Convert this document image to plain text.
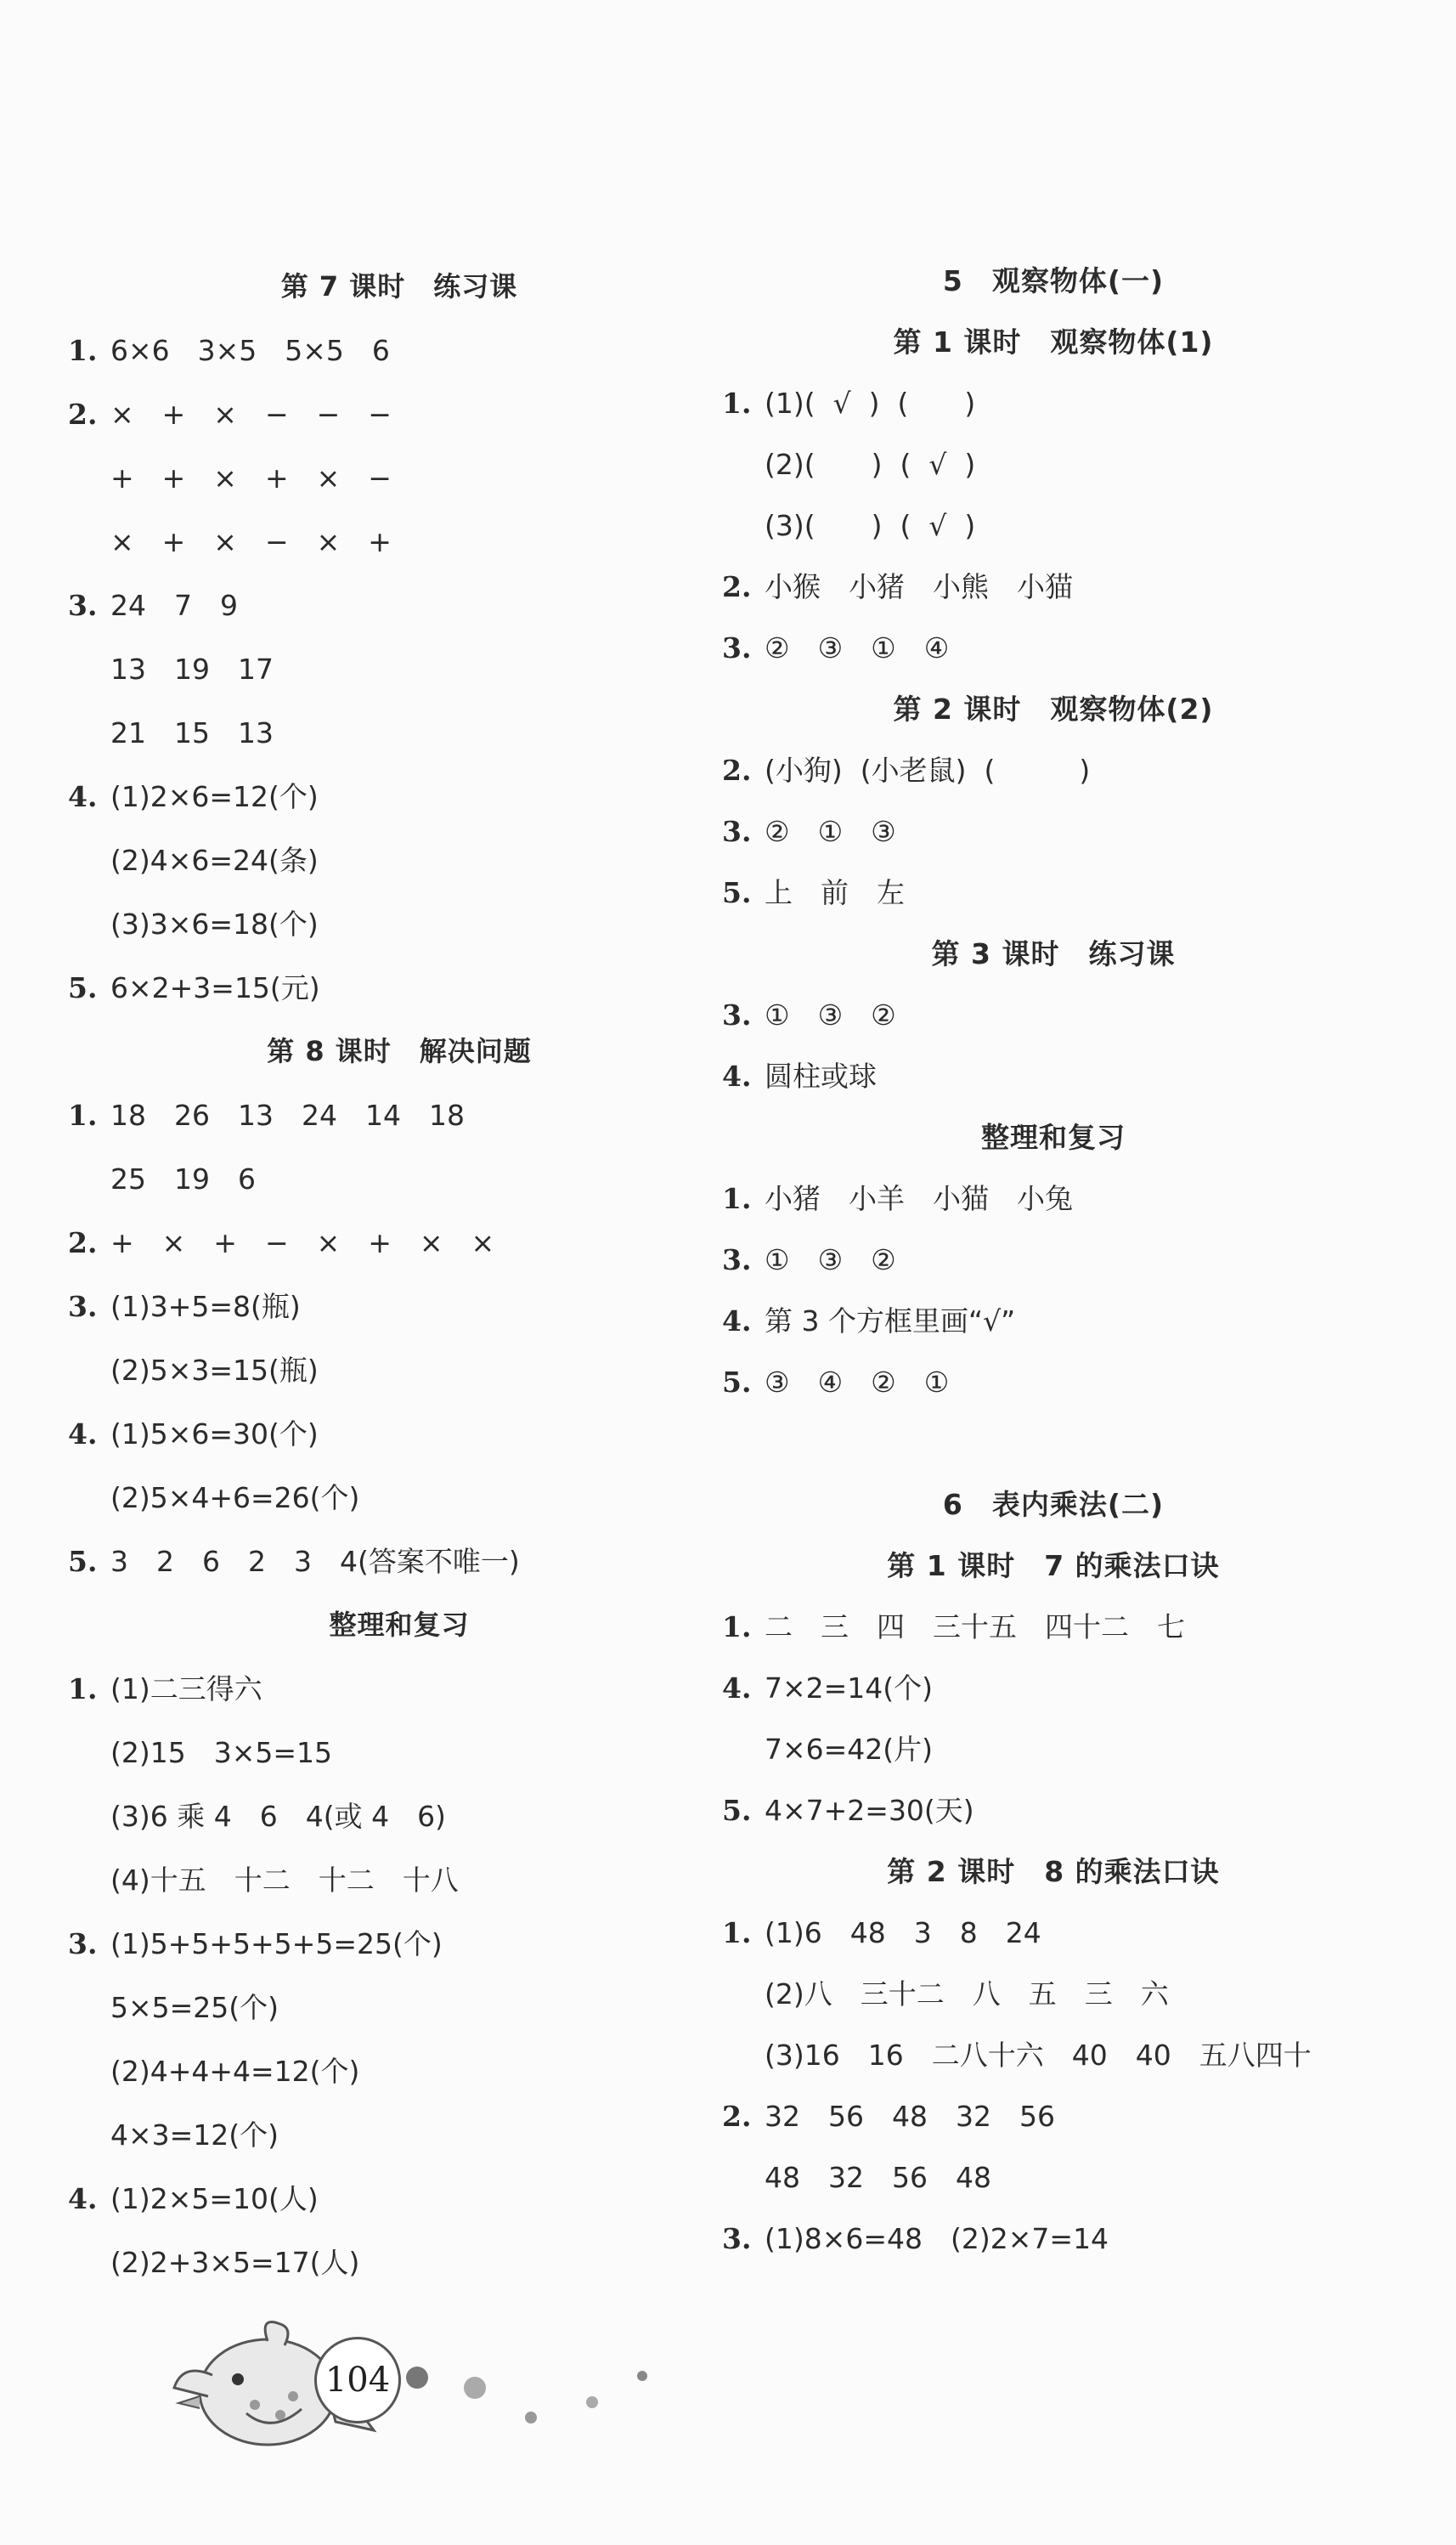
第 7 课时　练习课
1. 6×6　3×5　5×5　6
2. ×　+　×　−　−　−
+　+　×　+　×　−
×　+　×　−　×　+
3. 24　7　9
13　19　17
21　15　13
4. (1)2×6=12(个)
(2)4×6=24(条)
(3)3×6=18(个)
5. 6×2+3=15(元)
第 8 课时　解决问题
1. 18　26　13　24　14　18
25　19　6
2. +　×　+　−　×　+　×　×
3. (1)3+5=8(瓶)
(2)5×3=15(瓶)
4. (1)5×6=30(个)
(2)5×4+6=26(个)
5. 3　2　6　2　3　4(答案不唯一)
整理和复习
1. (1)二三得六
(2)15　3×5=15
(3)6 乘 4　6　4(或 4　6)
(4)十五　十二　十二　十八
3. (1)5+5+5+5+5=25(个)
5×5=25(个)
(2)4+4+4=12(个)
4×3=12(个)
4. (1)2×5=10(人)
(2)2+3×5=17(人)
5　观察物体(一)
第 1 课时　观察物体(1)
1. (1)(  √  )  (　　)
(2)(　　)  (  √  )
(3)(　　)  (  √  )
2. 小猴　小猪　小熊　小猫
3. ②　③　①　④
第 2 课时　观察物体(2)
2. (小狗)  (小老鼠)  (　　　)
3. ②　①　③
5. 上　前　左
第 3 课时　练习课
3. ①　③　②
4. 圆柱或球
整理和复习
1. 小猪　小羊　小猫　小兔
3. ①　③　②
4. 第 3 个方框里画“√”
5. ③　④　②　①
6　表内乘法(二)
第 1 课时　7 的乘法口诀
1. 二　三　四　三十五　四十二　七
4. 7×2=14(个)
7×6=42(片)
5. 4×7+2=30(天)
第 2 课时　8 的乘法口诀
1. (1)6　48　3　8　24
(2)八　三十二　八　五　三　六
(3)16　16　二八十六　40　40　五八四十
2. 32　56　48　32　56
48　32　56　48
3. (1)8×6=48　(2)2×7=14
104
